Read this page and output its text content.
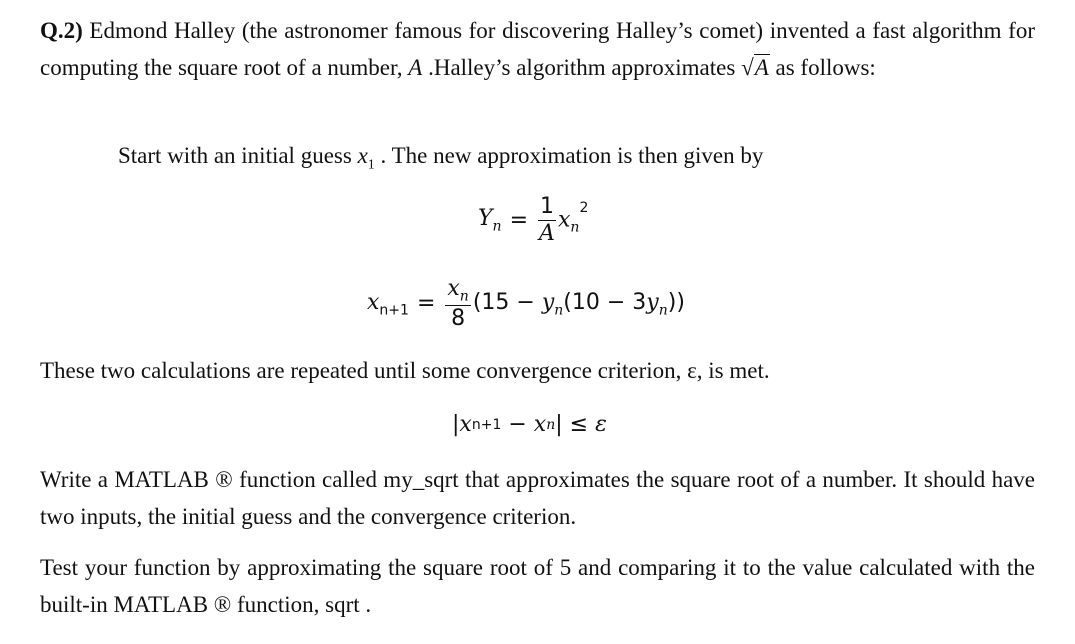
Q.2) Edmond Halley (the astronomer famous for discovering Halley’s comet) invented a fast algorithm for computing the square root of a number, A .Halley’s algorithm approximates √A as follows:
Start with an initial guess $x_1$ . The new approximation is then given by
$Y_n = \frac{1}{A} x_n^2$
$x_{n+1} = \frac{x_n}{8} (15 - y_n(10 - 3y_n))$
These two calculations are repeated until some convergence criterion, ε, is met.
| x n+1 − x n | ≤ ε
Write a MATLAB ® function called my_sqrt that approximates the square root of a number. It should have two inputs, the initial guess and the convergence criterion.
Test your function by approximating the square root of 5 and comparing it to the value calculated with the built-in MATLAB ® function, sqrt .
